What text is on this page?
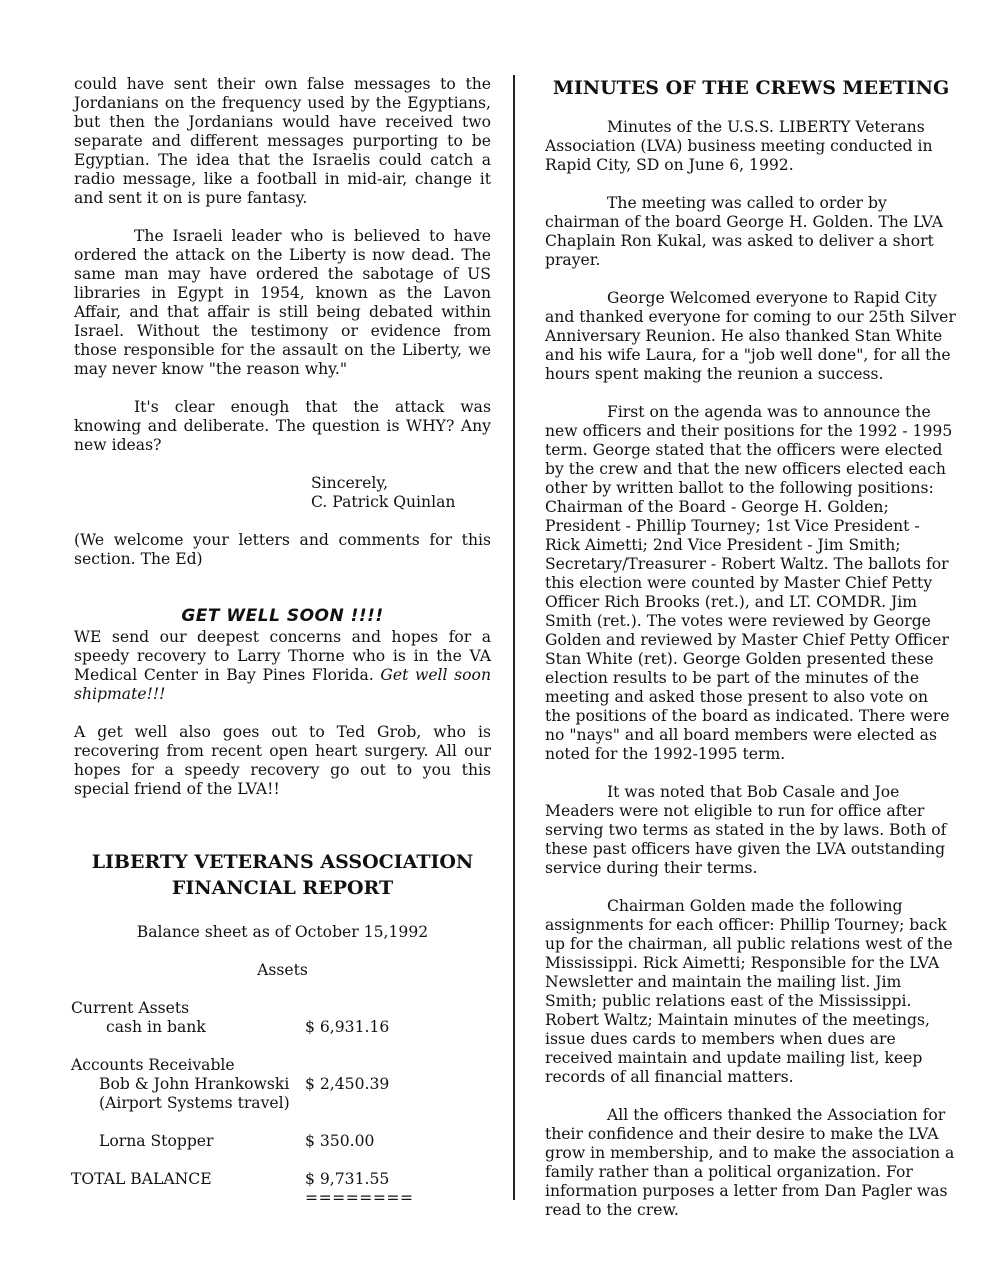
could have sent their own false messages to the Jordanians on the frequency used by the Egyptians, but then the Jordanians would have received two separate and different messages purporting to be Egyptian. The idea that the Israelis could catch a radio message, like a football in mid-air, change it and sent it on is pure fantasy.

The Israeli leader who is believed to have ordered the attack on the Liberty is now dead. The same man may have ordered the sabotage of US libraries in Egypt in 1954, known as the Lavon Affair, and that affair is still being debated within Israel. Without the testimony or evidence from those responsible for the assault on the Liberty, we may never know "the reason why."

It's clear enough that the attack was knowing and deliberate. The question is WHY? Any new ideas?

Sincerely,
C. Patrick Quinlan

(We welcome your letters and comments for this section. The Ed)

GET WELL SOON !!!!

WE send our deepest concerns and hopes for a speedy recovery to Larry Thorne who is in the VA Medical Center in Bay Pines Florida. Get well soon shipmate!!!

A get well also goes out to Ted Grob, who is recovering from recent open heart surgery. All our hopes for a speedy recovery go out to you this special friend of the LVA!!

LIBERTY VETERANS ASSOCIATION
FINANCIAL REPORT
Balance sheet as of October 15,1992
Assets
Current Assets
cash in bank	$ 6,931.16
Accounts Receivable
Bob & John Hrankowski $ 2,450.39
(Airport Systems travel)
Lorna Stopper	$ 350.00
TOTAL BALANCE	$ 9,731.55
========
MINUTES OF THE CREWS MEETING

Minutes of the U.S.S. LIBERTY Veterans Association (LVA) business meeting conducted in Rapid City, SD on June 6, 1992.

The meeting was called to order by chairman of the board George H. Golden. The LVA Chaplain Ron Kukal, was asked to deliver a short prayer.

George Welcomed everyone to Rapid City and thanked everyone for coming to our 25th Silver Anniversary Reunion. He also thanked Stan White and his wife Laura, for a "job well done", for all the hours spent making the reunion a success.

First on the agenda was to announce the new officers and their positions for the 1992 - 1995 term. George stated that the officers were elected by the crew and that the new officers elected each other by written ballot to the following positions: Chairman of the Board - George H. Golden; President - Phillip Tourney; 1st Vice President - Rick Aimetti; 2nd Vice President - Jim Smith; Secretary/Treasurer - Robert Waltz. The ballots for this election were counted by Master Chief Petty Officer Rich Brooks (ret.), and LT. COMDR. Jim Smith (ret.). The votes were reviewed by George Golden and reviewed by Master Chief Petty Officer Stan White (ret). George Golden presented these election results to be part of the minutes of the meeting and asked those present to also vote on the positions of the board as indicated. There were no "nays" and all board members were elected as noted for the 1992-1995 term.

It was noted that Bob Casale and Joe Meaders were not eligible to run for office after serving two terms as stated in the by laws. Both of these past officers have given the LVA outstanding service during their terms.

Chairman Golden made the following assignments for each officer: Phillip Tourney; back up for the chairman, all public relations west of the Mississippi. Rick Aimetti; Responsible for the LVA Newsletter and maintain the mailing list. Jim Smith; public relations east of the Mississippi. Robert Waltz; Maintain minutes of the meetings, issue dues cards to members when dues are received maintain and update mailing list, keep records of all financial matters.

All the officers thanked the Association for their confidence and their desire to make the LVA grow in membership, and to make the association a family rather than a political organization. For information purposes a letter from Dan Pagler was read to the crew.
